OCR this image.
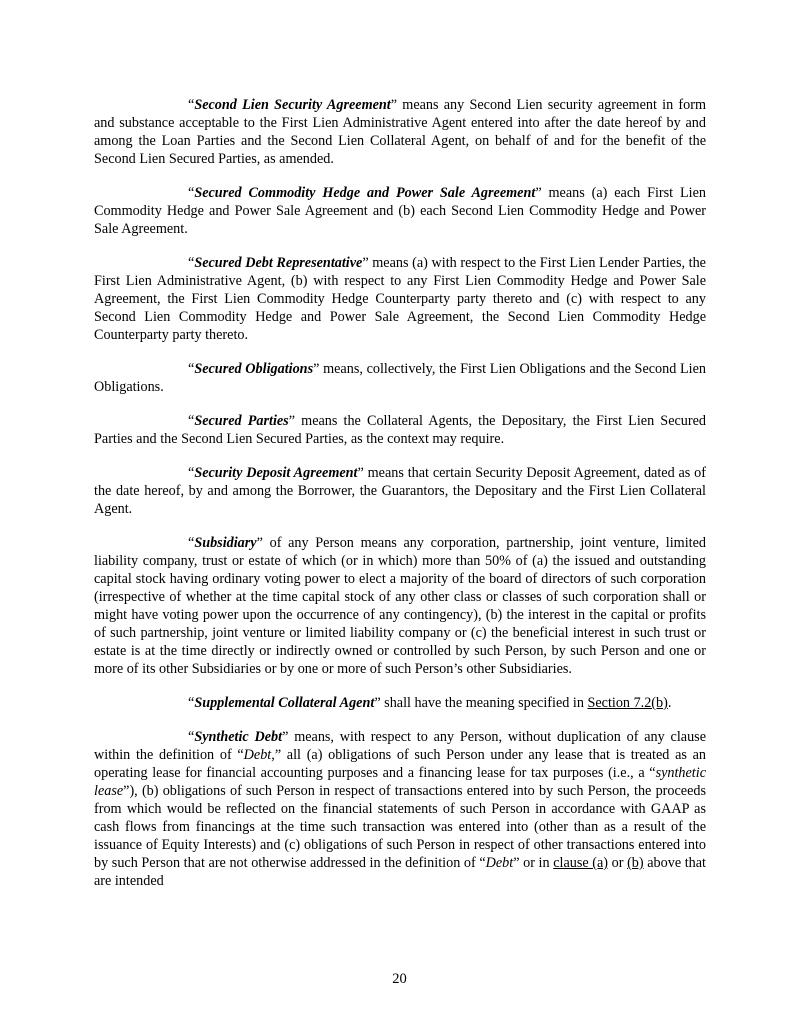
“Second Lien Security Agreement” means any Second Lien security agreement in form and substance acceptable to the First Lien Administrative Agent entered into after the date hereof by and among the Loan Parties and the Second Lien Collateral Agent, on behalf of and for the benefit of the Second Lien Secured Parties, as amended.

“Secured Commodity Hedge and Power Sale Agreement” means (a) each First Lien Commodity Hedge and Power Sale Agreement and (b) each Second Lien Commodity Hedge and Power Sale Agreement.

“Secured Debt Representative” means (a) with respect to the First Lien Lender Parties, the First Lien Administrative Agent, (b) with respect to any First Lien Commodity Hedge and Power Sale Agreement, the First Lien Commodity Hedge Counterparty party thereto and (c) with respect to any Second Lien Commodity Hedge and Power Sale Agreement, the Second Lien Commodity Hedge Counterparty party thereto.

“Secured Obligations” means, collectively, the First Lien Obligations and the Second Lien Obligations.

“Secured Parties” means the Collateral Agents, the Depositary, the First Lien Secured Parties and the Second Lien Secured Parties, as the context may require.

“Security Deposit Agreement” means that certain Security Deposit Agreement, dated as of the date hereof, by and among the Borrower, the Guarantors, the Depositary and the First Lien Collateral Agent.

“Subsidiary” of any Person means any corporation, partnership, joint venture, limited liability company, trust or estate of which (or in which) more than 50% of (a) the issued and outstanding capital stock having ordinary voting power to elect a majority of the board of directors of such corporation (irrespective of whether at the time capital stock of any other class or classes of such corporation shall or might have voting power upon the occurrence of any contingency), (b) the interest in the capital or profits of such partnership, joint venture or limited liability company or (c) the beneficial interest in such trust or estate is at the time directly or indirectly owned or controlled by such Person, by such Person and one or more of its other Subsidiaries or by one or more of such Person’s other Subsidiaries.

“Supplemental Collateral Agent” shall have the meaning specified in Section 7.2(b).

“Synthetic Debt” means, with respect to any Person, without duplication of any clause within the definition of “Debt,” all (a) obligations of such Person under any lease that is treated as an operating lease for financial accounting purposes and a financing lease for tax purposes (i.e., a “synthetic lease”), (b) obligations of such Person in respect of transactions entered into by such Person, the proceeds from which would be reflected on the financial statements of such Person in accordance with GAAP as cash flows from financings at the time such transaction was entered into (other than as a result of the issuance of Equity Interests) and (c) obligations of such Person in respect of other transactions entered into by such Person that are not otherwise addressed in the definition of “Debt” or in clause (a) or (b) above that are intended

20
